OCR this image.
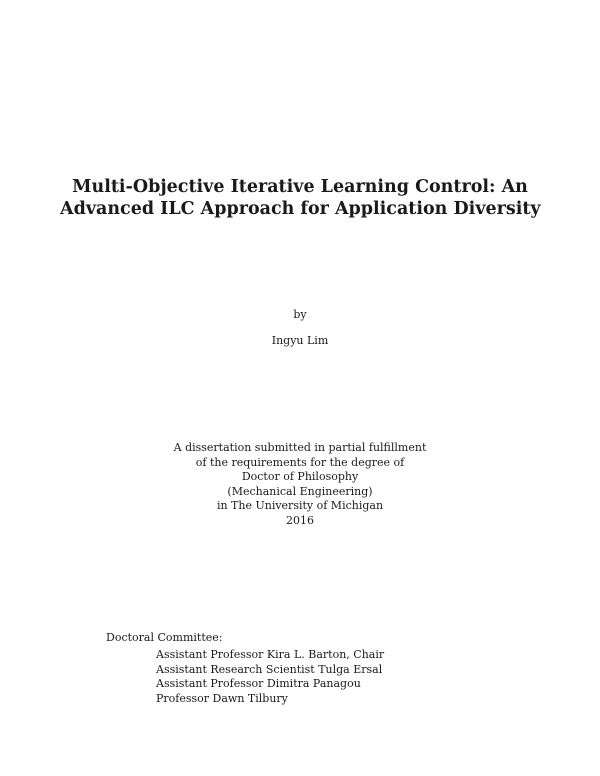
Multi-Objective Iterative Learning Control: An
Advanced ILC Approach for Application Diversity
by
Ingyu Lim
A dissertation submitted in partial fulfillment
of the requirements for the degree of
Doctor of Philosophy
(Mechanical Engineering)
in The University of Michigan
2016
Doctoral Committee:
Assistant Professor Kira L. Barton, Chair
Assistant Research Scientist Tulga Ersal
Assistant Professor Dimitra Panagou
Professor Dawn Tilbury
